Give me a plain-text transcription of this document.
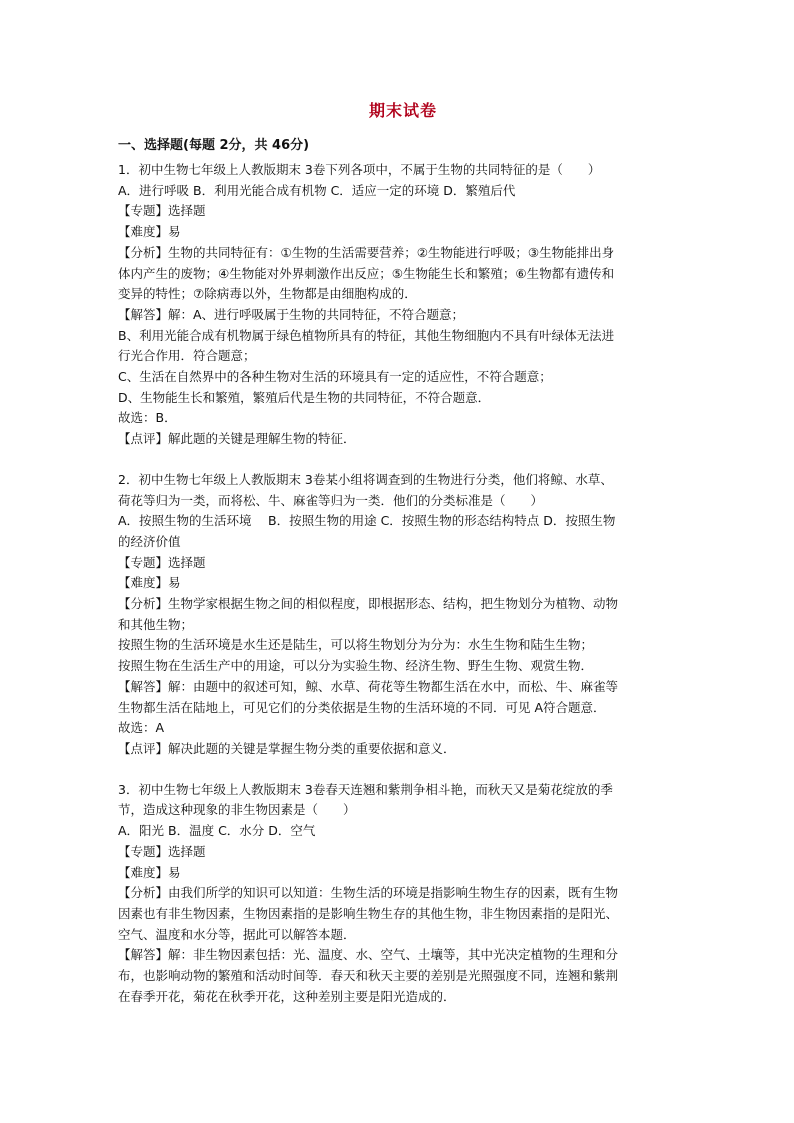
期末试卷
一、选择题(每题 2分，共 46分)

1．初中生物七年级上人教版期末 3卷下列各项中，不属于生物的共同特征的是（　　）

A．进行呼吸 B．利用光能合成有机物 C．适应一定的环境 D．繁殖后代

【专题】选择题

【难度】易

【分析】生物的共同特征有：①生物的生活需要营养；②生物能进行呼吸；③生物能排出身

体内产生的废物；④生物能对外界刺激作出反应；⑤生物能生长和繁殖；⑥生物都有遗传和

变异的特性；⑦除病毒以外，生物都是由细胞构成的．

【解答】解：A、进行呼吸属于生物的共同特征，不符合题意；

B、利用光能合成有机物属于绿色植物所具有的特征，其他生物细胞内不具有叶绿体无法进

行光合作用．符合题意；

C、生活在自然界中的各种生物对生活的环境具有一定的适应性，不符合题意；

D、生物能生长和繁殖，繁殖后代是生物的共同特征，不符合题意．

故选：B．

【点评】解此题的关键是理解生物的特征．

2．初中生物七年级上人教版期末 3卷某小组将调查到的生物进行分类，他们将鲸、水草、

荷花等归为一类，而将松、牛、麻雀等归为一类．他们的分类标准是（　　）

A．按照生物的生活环境　 B．按照生物的用途 C．按照生物的形态结构特点 D．按照生物

的经济价值

【专题】选择题

【难度】易

【分析】生物学家根据生物之间的相似程度，即根据形态、结构，把生物划分为植物、动物

和其他生物；

按照生物的生活环境是水生还是陆生，可以将生物划分为分为：水生生物和陆生生物；

按照生物在生活生产中的用途，可以分为实验生物、经济生物、野生生物、观赏生物．

【解答】解：由题中的叙述可知，鲸、水草、荷花等生物都生活在水中，而松、牛、麻雀等

生物都生活在陆地上，可见它们的分类依据是生物的生活环境的不同．可见 A符合题意．

故选：A

【点评】解决此题的关键是掌握生物分类的重要依据和意义．

3．初中生物七年级上人教版期末 3卷春天连翘和紫荆争相斗艳，而秋天又是菊花绽放的季

节，造成这种现象的非生物因素是（　　）

A．阳光 B．温度 C．水分 D．空气

【专题】选择题

【难度】易

【分析】由我们所学的知识可以知道：生物生活的环境是指影响生物生存的因素，既有生物

因素也有非生物因素，生物因素指的是影响生物生存的其他生物，非生物因素指的是阳光、

空气、温度和水分等，据此可以解答本题．

【解答】解：非生物因素包括：光、温度、水、空气、土壤等，其中光决定植物的生理和分

布，也影响动物的繁殖和活动时间等．春天和秋天主要的差别是光照强度不同，连翘和紫荆

在春季开花，菊花在秋季开花，这种差别主要是阳光造成的．
